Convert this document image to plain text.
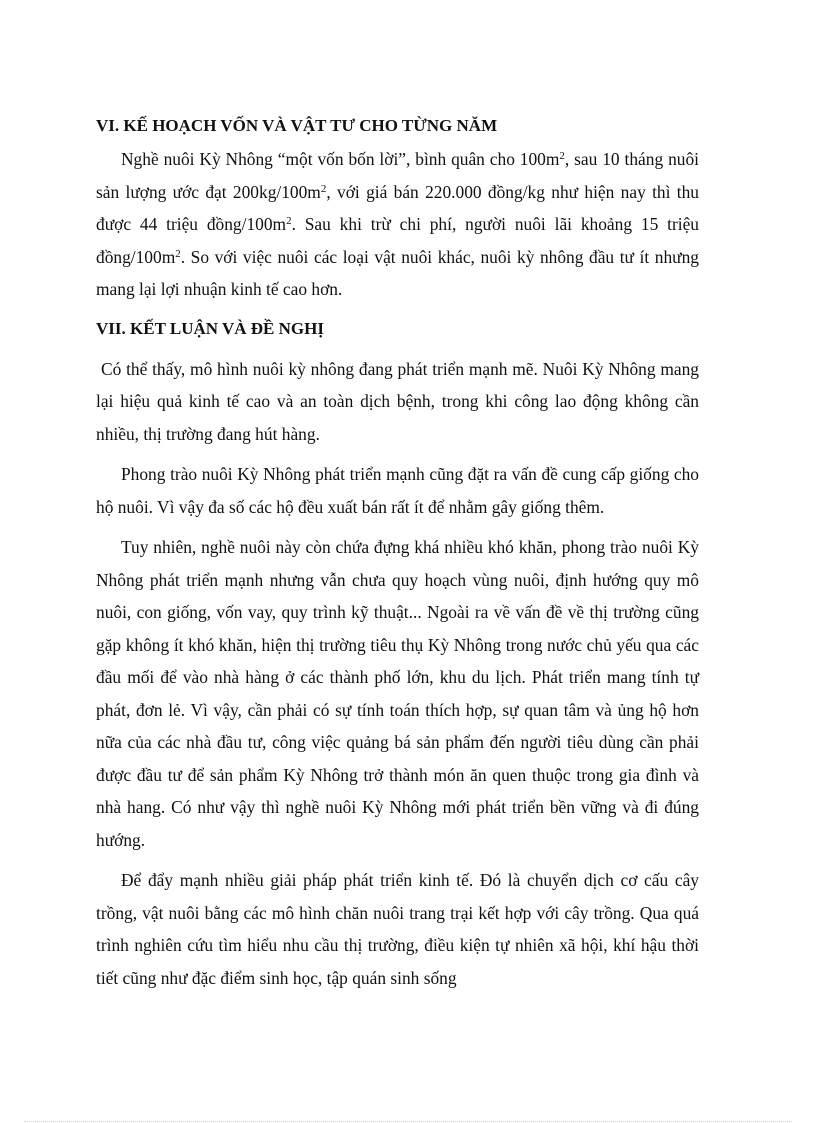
VI. KẾ HOẠCH VỐN VÀ VẬT TƯ CHO TỪNG NĂM

Nghề nuôi Kỳ Nhông “một vốn bốn lời”, bình quân cho $100m^2$, sau 10 tháng nuôi sản lượng ước đạt $200kg/100m^2$, với giá bán 220.000 đồng/kg như hiện nay thì thu được 44 triệu đồng/$100m^2$. Sau khi trừ chi phí, người nuôi lãi khoảng 15 triệu đồng/$100m^2$. So với việc nuôi các loại vật nuôi khác, nuôi kỳ nhông đầu tư ít nhưng mang lại lợi nhuận kinh tế cao hơn.

VII. KẾT LUẬN VÀ ĐỀ NGHỊ

Có thể thấy, mô hình nuôi kỳ nhông đang phát triển mạnh mẽ. Nuôi Kỳ Nhông mang lại hiệu quả kinh tế cao và an toàn dịch bệnh, trong khi công lao động không cần nhiều, thị trường đang hút hàng.

Phong trào nuôi Kỳ Nhông phát triển mạnh cũng đặt ra vấn đề cung cấp giống cho hộ nuôi. Vì vậy đa số các hộ đều xuất bán rất ít để nhằm gây giống thêm.

Tuy nhiên, nghề nuôi này còn chứa đựng khá nhiều khó khăn, phong trào nuôi Kỳ Nhông phát triển mạnh nhưng vẫn chưa quy hoạch vùng nuôi, định hướng quy mô nuôi, con giống, vốn vay, quy trình kỹ thuật... Ngoài ra về vấn đề về thị trường cũng gặp không ít khó khăn, hiện thị trường tiêu thụ Kỳ Nhông trong nước chủ yếu qua các đầu mối để vào nhà hàng ở các thành phố lớn, khu du lịch. Phát triển mang tính tự phát, đơn lẻ. Vì vậy, cần phải có sự tính toán thích hợp, sự quan tâm và ủng hộ hơn nữa của các nhà đầu tư, công việc quảng bá sản phẩm đến người tiêu dùng cần phải được đầu tư để sản phẩm Kỳ Nhông trở thành món ăn quen thuộc trong gia đình và nhà hang. Có như vậy thì nghề nuôi Kỳ Nhông mới phát triển bền vững và đi đúng hướng.

Để đẩy mạnh nhiều giải pháp phát triển kinh tế. Đó là chuyển dịch cơ cấu cây trồng, vật nuôi bằng các mô hình chăn nuôi trang trại kết hợp với cây trồng. Qua quá trình nghiên cứu tìm hiểu nhu cầu thị trường, điều kiện tự nhiên xã hội, khí hậu thời tiết cũng như đặc điểm sinh học, tập quán sinh sống
